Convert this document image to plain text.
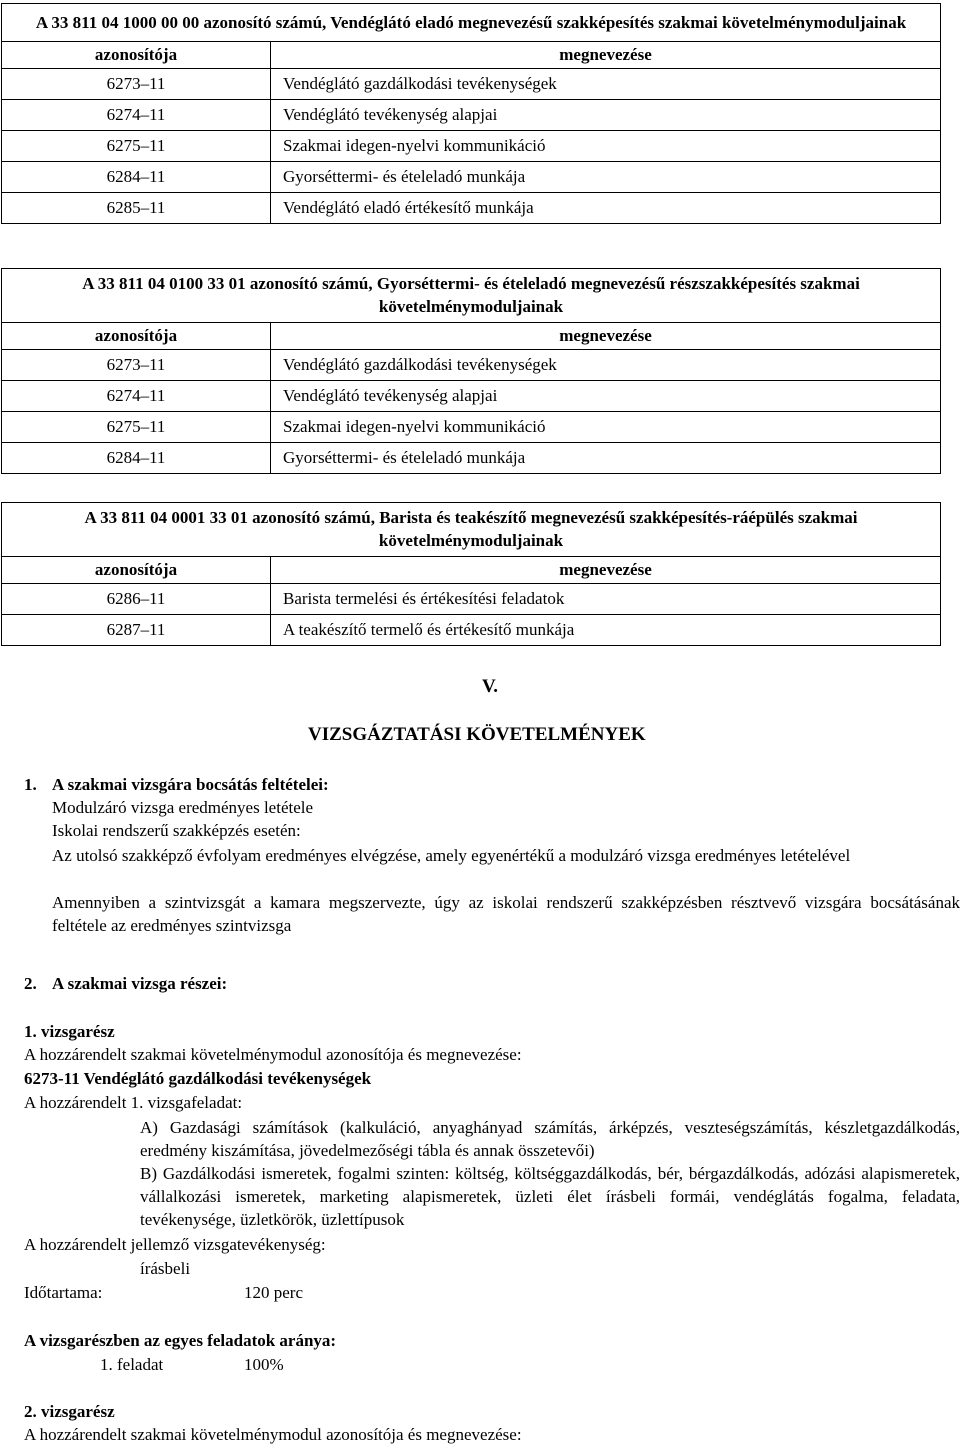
A 33 811 04 1000 00 00 azonosító számú, Vendéglátó eladó megnevezésű szakképesítés szakmai követelménymoduljainak	
azonosítója	megnevezése
6273–11	Vendéglátó gazdálkodási tevékenységek
6274–11	Vendéglátó tevékenység alapjai
6275–11	Szakmai idegen-nyelvi kommunikáció
6284–11	Gyorséttermi- és ételeladó munkája
6285–11	Vendéglátó eladó értékesítő munkája
A 33 811 04 0100 33 01 azonosító számú, Gyorséttermi- és ételeladó megnevezésű részszakképesítés szakmai követelménymoduljainak	
azonosítója	megnevezése
6273–11	Vendéglátó gazdálkodási tevékenységek
6274–11	Vendéglátó tevékenység alapjai
6275–11	Szakmai idegen-nyelvi kommunikáció
6284–11	Gyorséttermi- és ételeladó munkája
A 33 811 04 0001 33 01 azonosító számú, Barista és teakészítő megnevezésű szakképesítés-ráépülés szakmai követelménymoduljainak	
azonosítója	megnevezése
6286–11	Barista termelési és értékesítési feladatok
6287–11	A teakészítő termelő és értékesítő munkája
V.
VIZSGÁZTATÁSI KÖVETELMÉNYEK
1. A szakmai vizsgára bocsátás feltételei:
Modulzáró vizsga eredményes letétele
Iskolai rendszerű szakképzés esetén:
Az utolsó szakképző évfolyam eredményes elvégzése, amely egyenértékű a modulzáró vizsga eredményes letételével
Amennyiben a szintvizsgát a kamara megszervezte, úgy az iskolai rendszerű szakképzésben résztvevő vizsgára bocsátásának feltétele az eredményes szintvizsga
2. A szakmai vizsga részei:
1. vizsgarész
A hozzárendelt szakmai követelménymodul azonosítója és megnevezése:
6273-11 Vendéglátó gazdálkodási tevékenységek
A hozzárendelt 1. vizsgafeladat:
A) Gazdasági számítások (kalkuláció, anyaghányad számítás, árképzés, veszteségszámítás, készletgazdálkodás, eredmény kiszámítása, jövedelmezőségi tábla és annak összetevői)
B) Gazdálkodási ismeretek, fogalmi szinten: költség, költséggazdálkodás, bér, bérgazdálkodás, adózási alapismeretek, vállalkozási ismeretek, marketing alapismeretek, üzleti élet írásbeli formái, vendéglátás fogalma, feladata, tevékenysége, üzletkörök, üzlettípusok
A hozzárendelt jellemző vizsgatevékenység:
írásbeli
Időtartama:	120 perc
A vizsgarészben az egyes feladatok aránya:
1. feladat	100%
2. vizsgarész
A hozzárendelt szakmai követelménymodul azonosítója és megnevezése:
